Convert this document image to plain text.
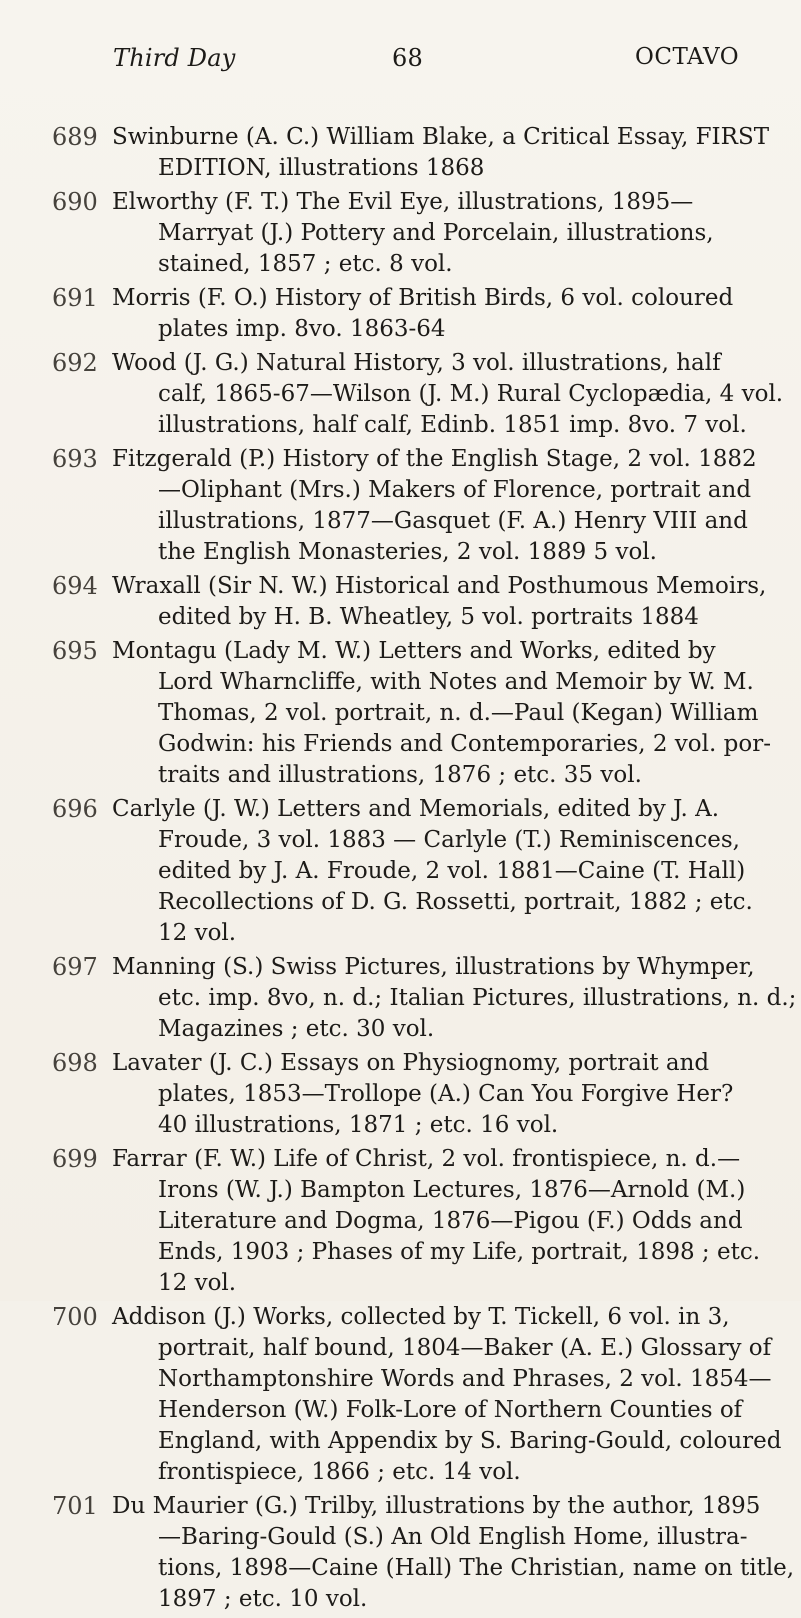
Third Day	68	OCTAVO
689 Swinburne (A. C.) William Blake, a Critical Essay, FIRST
EDITION, illustrations 1868
690 Elworthy (F. T.) The Evil Eye, illustrations, 1895—
Marryat (J.) Pottery and Porcelain, illustrations,
stained, 1857 ; etc. 8 vol.
691 Morris (F. O.) History of British Birds, 6 vol. coloured
plates imp. 8vo. 1863-64
692 Wood (J. G.) Natural History, 3 vol. illustrations, half
calf, 1865-67—Wilson (J. M.) Rural Cyclopædia, 4 vol.
illustrations, half calf, Edinb. 1851 imp. 8vo. 7 vol.
693 Fitzgerald (P.) History of the English Stage, 2 vol. 1882
—Oliphant (Mrs.) Makers of Florence, portrait and
illustrations, 1877—Gasquet (F. A.) Henry VIII and
the English Monasteries, 2 vol. 1889 5 vol.
694 Wraxall (Sir N. W.) Historical and Posthumous Memoirs,
edited by H. B. Wheatley, 5 vol. portraits 1884
695 Montagu (Lady M. W.) Letters and Works, edited by
Lord Wharncliffe, with Notes and Memoir by W. M.
Thomas, 2 vol. portrait, n. d.—Paul (Kegan) William
Godwin: his Friends and Contemporaries, 2 vol. por-
traits and illustrations, 1876 ; etc. 35 vol.
696 Carlyle (J. W.) Letters and Memorials, edited by J. A.
Froude, 3 vol. 1883 — Carlyle (T.) Reminiscences,
edited by J. A. Froude, 2 vol. 1881—Caine (T. Hall)
Recollections of D. G. Rossetti, portrait, 1882 ; etc.
12 vol.
697 Manning (S.) Swiss Pictures, illustrations by Whymper,
etc. imp. 8vo, n. d.; Italian Pictures, illustrations, n. d.;
Magazines ; etc. 30 vol.
698 Lavater (J. C.) Essays on Physiognomy, portrait and
plates, 1853—Trollope (A.) Can You Forgive Her?
40 illustrations, 1871 ; etc. 16 vol.
699 Farrar (F. W.) Life of Christ, 2 vol. frontispiece, n. d.—
Irons (W. J.) Bampton Lectures, 1876—Arnold (M.)
Literature and Dogma, 1876—Pigou (F.) Odds and
Ends, 1903 ; Phases of my Life, portrait, 1898 ; etc.
12 vol.
700 Addison (J.) Works, collected by T. Tickell, 6 vol. in 3,
portrait, half bound, 1804—Baker (A. E.) Glossary of
Northamptonshire Words and Phrases, 2 vol. 1854—
Henderson (W.) Folk-Lore of Northern Counties of
England, with Appendix by S. Baring-Gould, coloured
frontispiece, 1866 ; etc. 14 vol.
701 Du Maurier (G.) Trilby, illustrations by the author, 1895
—Baring-Gould (S.) An Old English Home, illustra-
tions, 1898—Caine (Hall) The Christian, name on title,
1897 ; etc. 10 vol.
